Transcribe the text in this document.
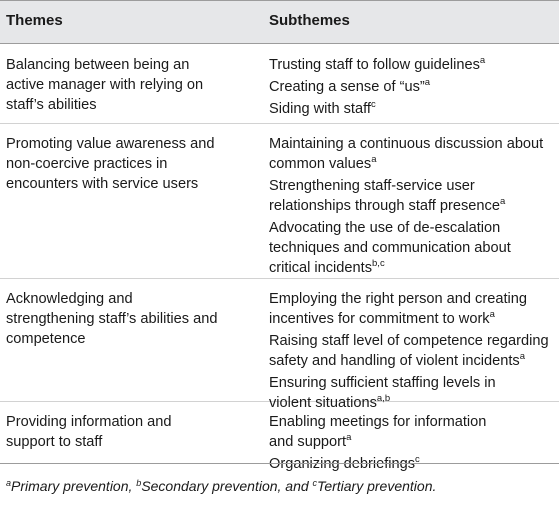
Themes	Subthemes
Balancing between being an
active manager with relying on
staff’s abilities
Trusting staff to follow guidelines$^a$
Creating a sense of “us”$^a$
Siding with staff$^c$
Promoting value awareness and
non-coercive practices in
encounters with service users
Maintaining a continuous discussion about
common values$^a$
Strengthening staff-service user
relationships through staff presence$^a$
Advocating the use of de-escalation
techniques and communication about
critical incidents$^{b,c}$
Acknowledging and
strengthening staff’s abilities and
competence
Employing the right person and creating
incentives for commitment to work$^a$
Raising staff level of competence regarding
safety and handling of violent incidents$^a$
Ensuring sufficient staffing levels in
violent situations$^{a,b}$
Providing information and
support to staff
Enabling meetings for information
and support$^a$
Organizing debriefings$^c$
$^a$Primary prevention, $^b$Secondary prevention, and $^c$Tertiary prevention.
